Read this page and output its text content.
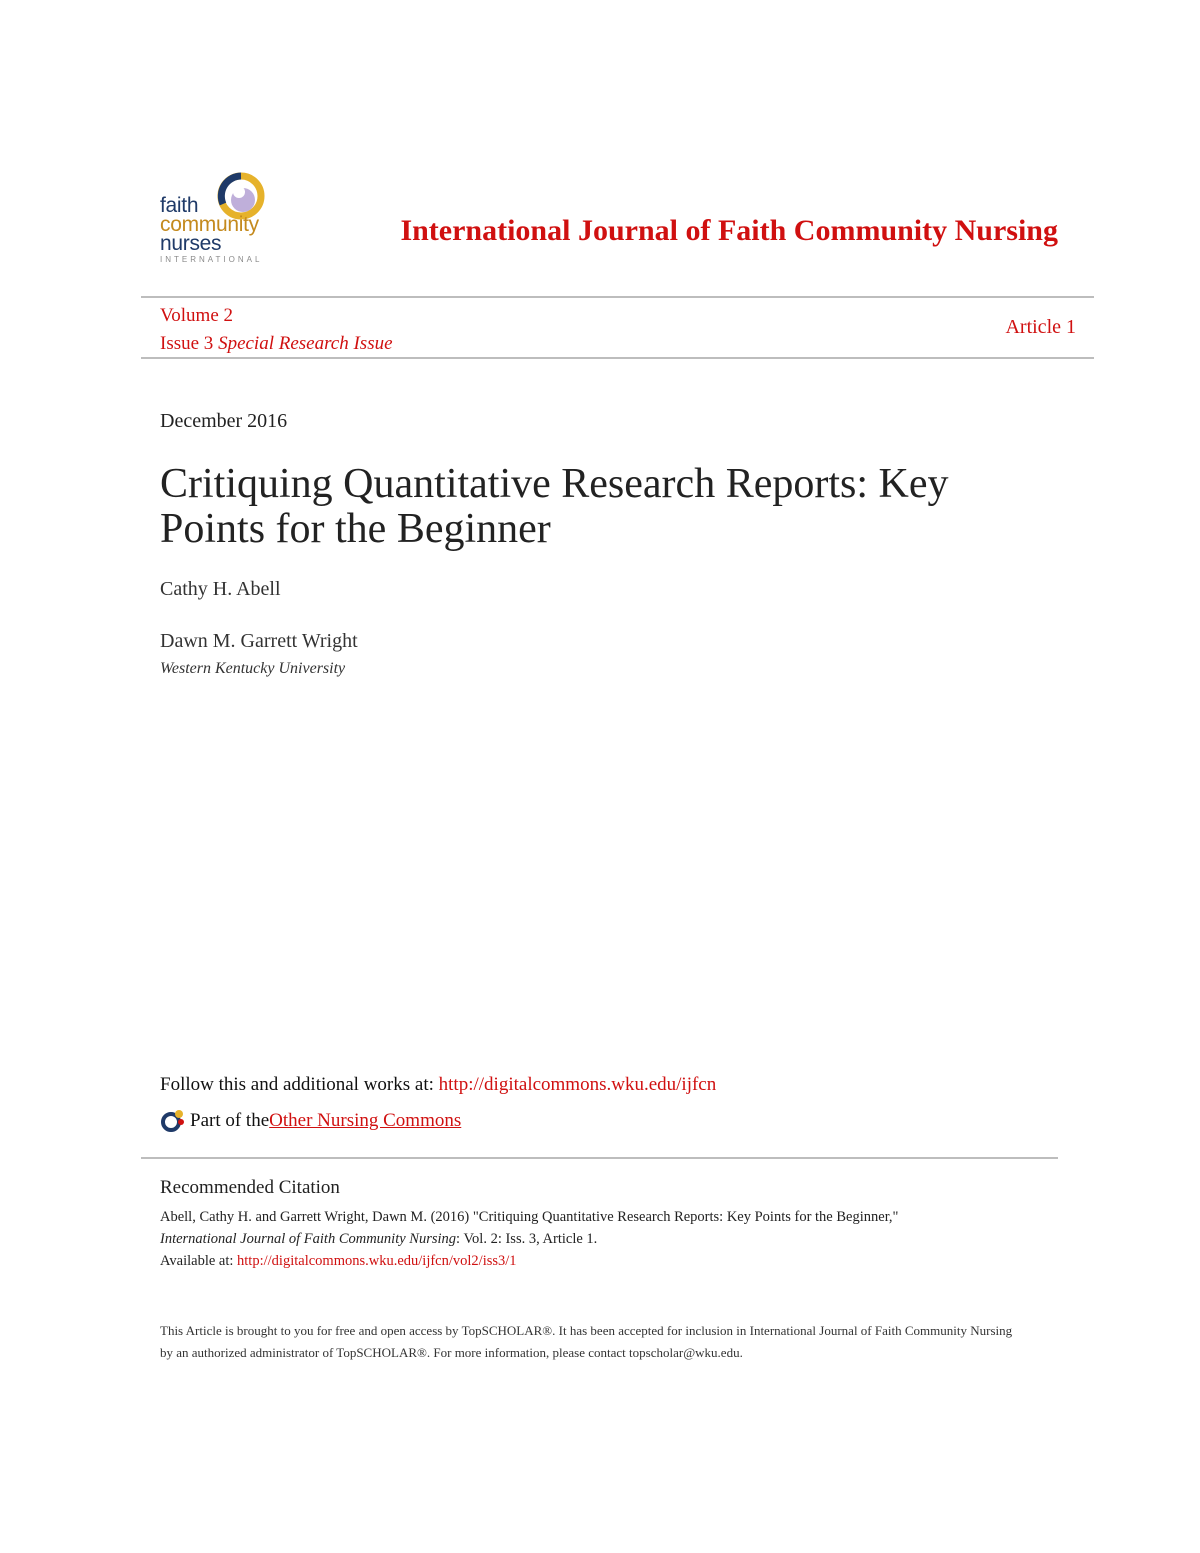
faith

community

nurses

INTERNATIONAL

International Journal of Faith Community Nursing
Volume 2
Issue 3 Special Research Issue
Article 1
December 2016
Critiquing Quantitative Research Reports: Key Points for the Beginner
Cathy H. Abell
Dawn M. Garrett Wright
Western Kentucky University
Follow this and additional works at: http://digitalcommons.wku.edu/ijfcn
Part of the Other Nursing Commons
Recommended Citation
Abell, Cathy H. and Garrett Wright, Dawn M. (2016) "Critiquing Quantitative Research Reports: Key Points for the Beginner,"
International Journal of Faith Community Nursing: Vol. 2: Iss. 3, Article 1.
Available at: http://digitalcommons.wku.edu/ijfcn/vol2/iss3/1
This Article is brought to you for free and open access by TopSCHOLAR®. It has been accepted for inclusion in International Journal of Faith Community Nursing by an authorized administrator of TopSCHOLAR®. For more information, please contact topscholar@wku.edu.
